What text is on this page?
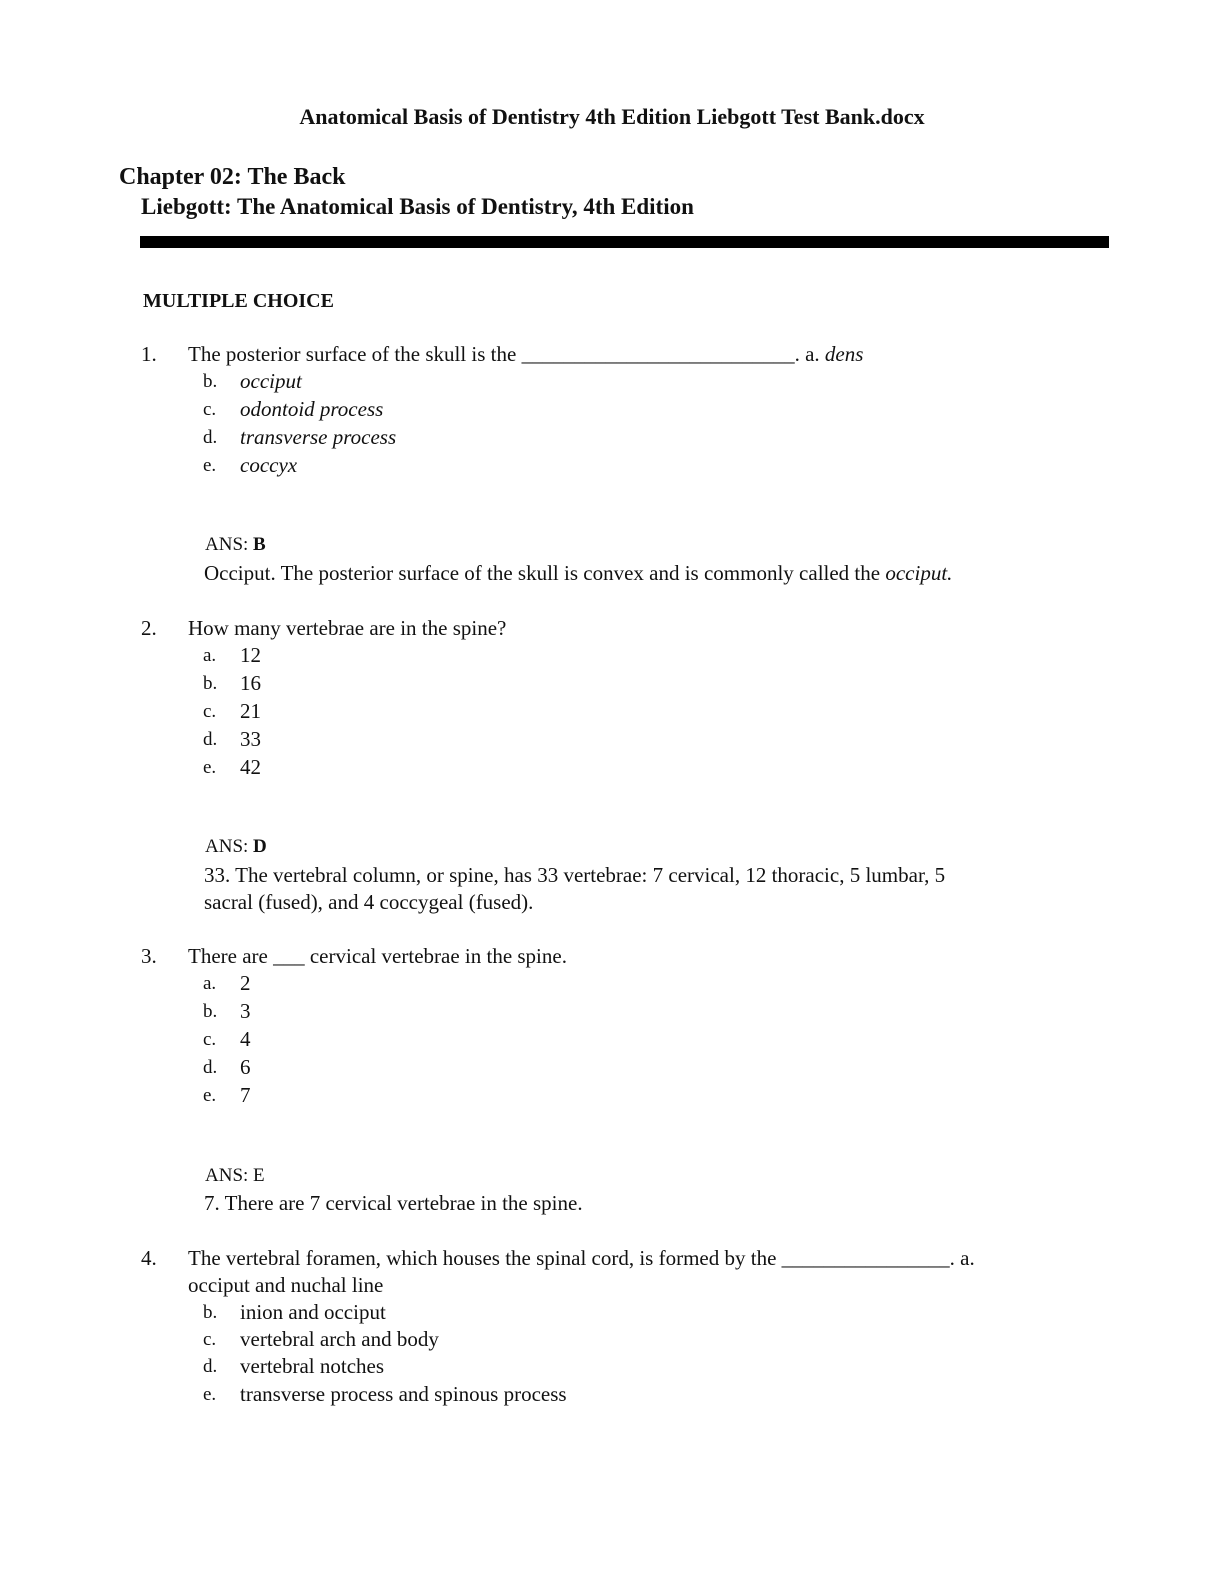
Anatomical Basis of Dentistry 4th Edition Liebgott Test Bank.docx
Chapter 02: The Back
Liebgott: The Anatomical Basis of Dentistry, 4th Edition
MULTIPLE CHOICE
1. The posterior surface of the skull is the __________________________. a. dens
b. occiput
c. odontoid process
d. transverse process
e. coccyx
ANS: B
Occiput. The posterior surface of the skull is convex and is commonly called the occiput.
2. How many vertebrae are in the spine?
a. 12
b. 16
c. 21
d. 33
e. 42
ANS: D
33. The vertebral column, or spine, has 33 vertebrae: 7 cervical, 12 thoracic, 5 lumbar, 5
sacral (fused), and 4 coccygeal (fused).
3. There are ___ cervical vertebrae in the spine.
a. 2
b. 3
c. 4
d. 6
e. 7
ANS: E
7. There are 7 cervical vertebrae in the spine.
4. The vertebral foramen, which houses the spinal cord, is formed by the ________________. a.
occiput and nuchal line
b. inion and occiput
c. vertebral arch and body
d. vertebral notches
e. transverse process and spinous process
